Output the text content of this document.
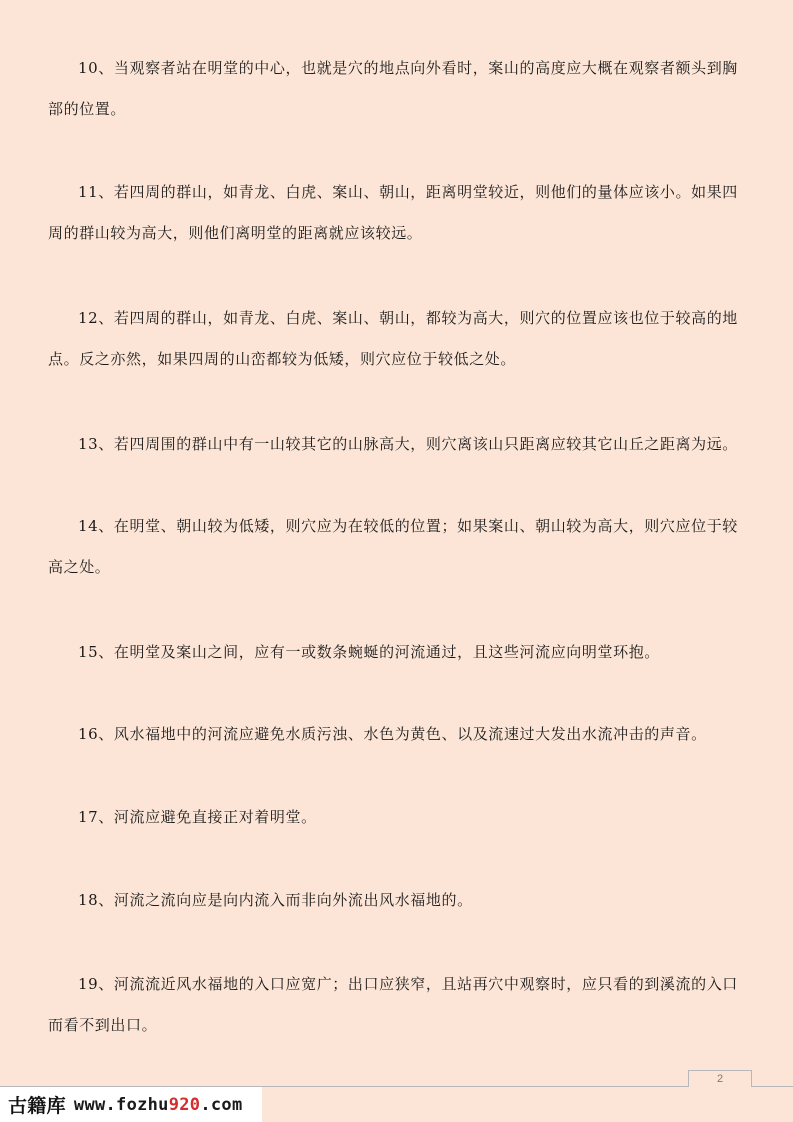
10、当观察者站在明堂的中心，也就是穴的地点向外看时，案山的高度应大概在观察者额头到胸部的位置。

11、若四周的群山，如青龙、白虎、案山、朝山，距离明堂较近，则他们的量体应该小。如果四周的群山较为高大，则他们离明堂的距离就应该较远。

12、若四周的群山，如青龙、白虎、案山、朝山，都较为高大，则穴的位置应该也位于较高的地点。反之亦然，如果四周的山峦都较为低矮，则穴应位于较低之处。

13、若四周围的群山中有一山较其它的山脉高大，则穴离该山只距离应较其它山丘之距离为远。

14、在明堂、朝山较为低矮，则穴应为在较低的位置；如果案山、朝山较为高大，则穴应位于较高之处。

15、在明堂及案山之间，应有一或数条蜿蜒的河流通过，且这些河流应向明堂环抱。

16、风水福地中的河流应避免水质污浊、水色为黄色、以及流速过大发出水流冲击的声音。

17、河流应避免直接正对着明堂。

18、河流之流向应是向内流入而非向外流出风水福地的。

19、河流流近风水福地的入口应宽广；出口应狭窄，且站再穴中观察时，应只看的到溪流的入口而看不到出口。

2
古籍库 www.fozhu920.com
